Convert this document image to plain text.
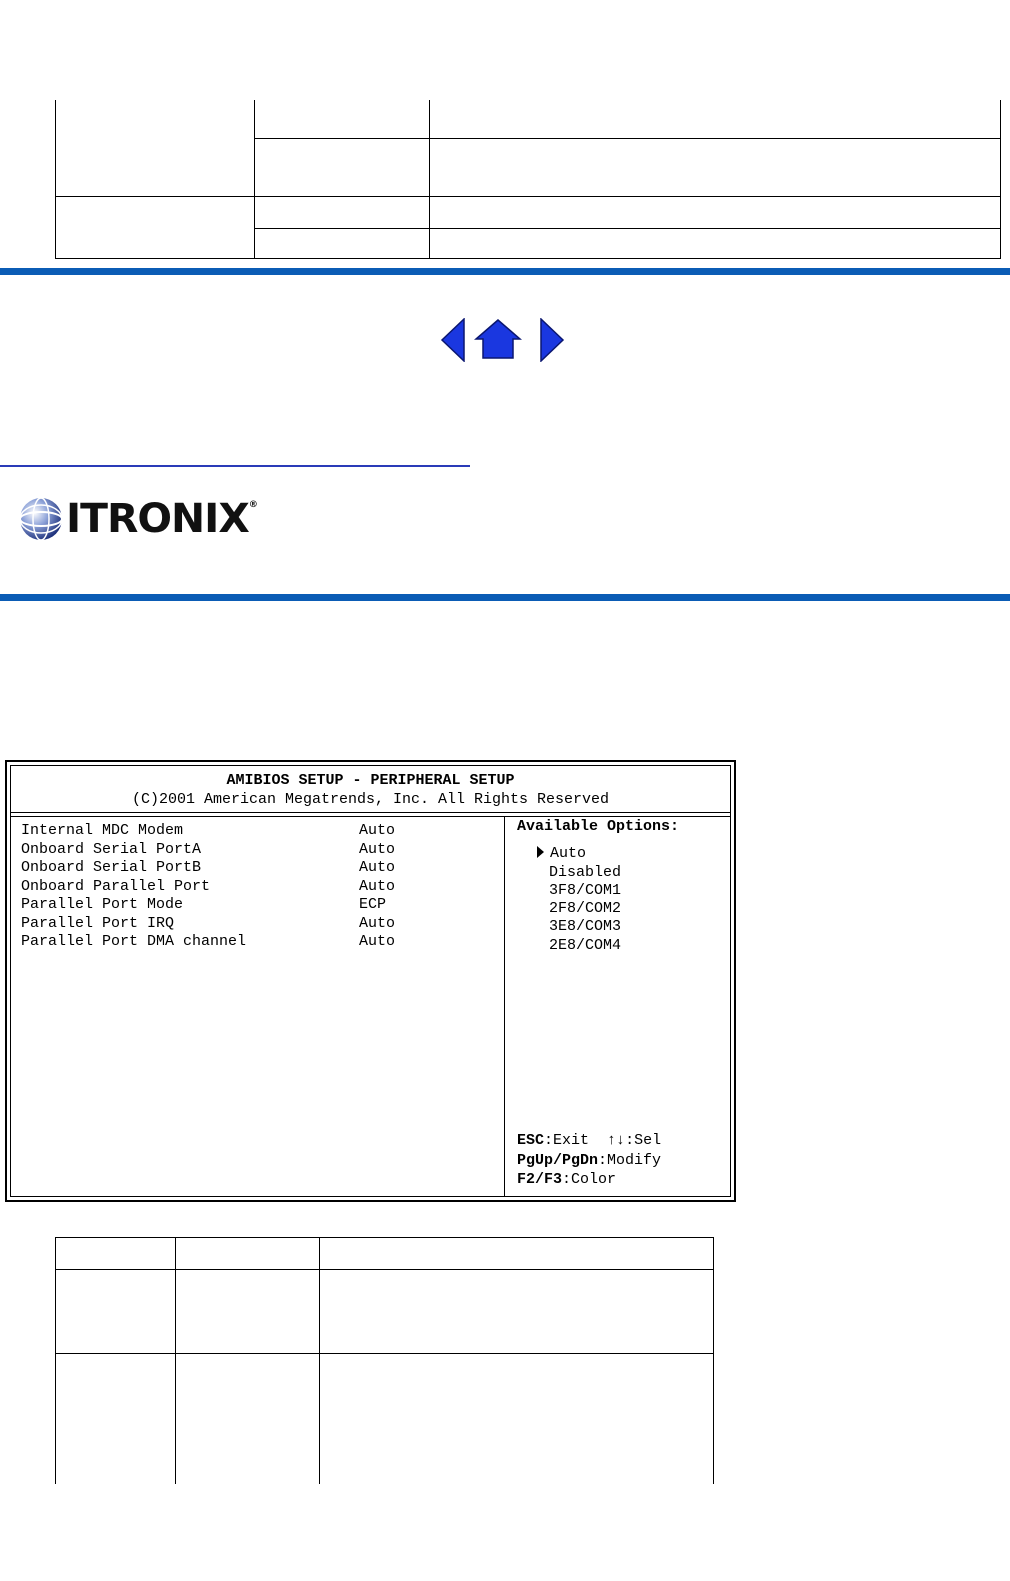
ITRONIX®
AMIBIOS SETUP - PERIPHERAL SETUP
(C)2001 American Megatrends, Inc. All Rights Reserved
Internal MDC Modem	Auto
Onboard Serial PortA	Auto
Onboard Serial PortB	Auto
Onboard Parallel Port	Auto
Parallel Port Mode	ECP
Parallel Port IRQ	Auto
Parallel Port DMA channel	Auto
Available Options:
Auto
Disabled
3F8/COM1
2F8/COM2
3E8/COM3
2E8/COM4
ESC:Exit ↑↓:Sel
PgUp/PgDn:Modify
F2/F3:Color
